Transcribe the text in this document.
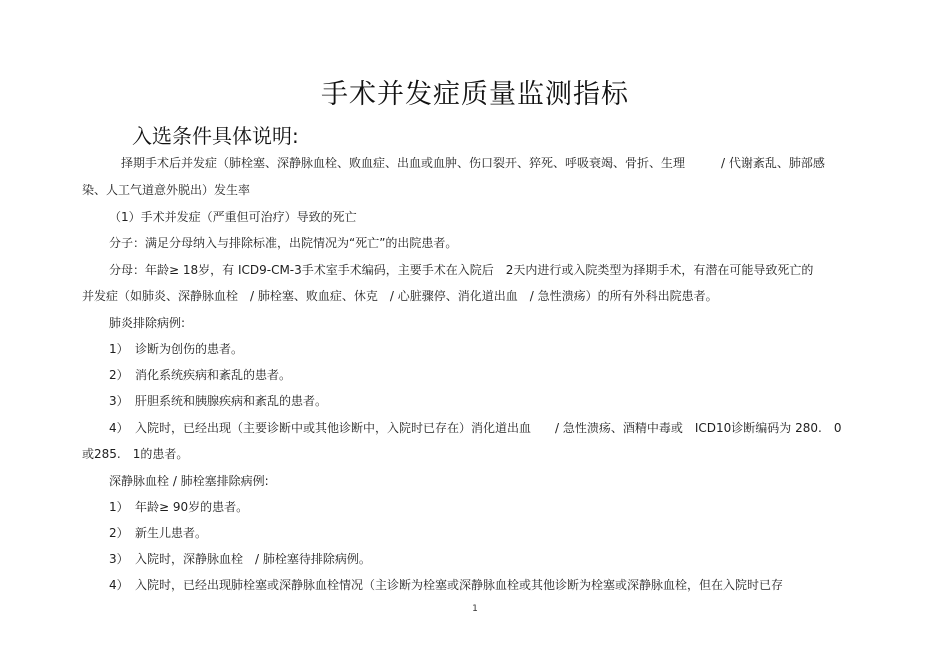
手术并发症质量监测指标
入选条件具体说明:
择期手术后并发症（肺栓塞、深静脉血栓、败血症、出血或血肿、伤口裂开、猝死、呼吸衰竭、骨折、生理　　　/ 代谢紊乱、肺部感
染、人工气道意外脱出）发生率
（1）手术并发症（严重但可治疗）导致的死亡
分子：满足分母纳入与排除标准，出院情况为“死亡”的出院患者。
分母：年龄≥ 18岁，有 ICD9-CM-3手术室手术编码，主要手术在入院后　2天内进行或入院类型为择期手术，有潜在可能导致死亡的
并发症（如肺炎、深静脉血栓　/ 肺栓塞、败血症、休克　/ 心脏骤停、消化道出血　/ 急性溃疡）的所有外科出院患者。
肺炎排除病例:
1） 诊断为创伤的患者。
2） 消化系统疾病和紊乱的患者。
3） 肝胆系统和胰腺疾病和紊乱的患者。
4） 入院时，已经出现（主要诊断中或其他诊断中，入院时已存在）消化道出血　　/ 急性溃疡、酒精中毒或　ICD10诊断编码为 280.　0
或285.　1的患者。
深静脉血栓 / 肺栓塞排除病例:
1） 年龄≥ 90岁的患者。
2） 新生儿患者。
3） 入院时，深静脉血栓　/ 肺栓塞待排除病例。
4） 入院时，已经出现肺栓塞或深静脉血栓情况（主诊断为栓塞或深静脉血栓或其他诊断为栓塞或深静脉血栓，但在入院时已存
1
